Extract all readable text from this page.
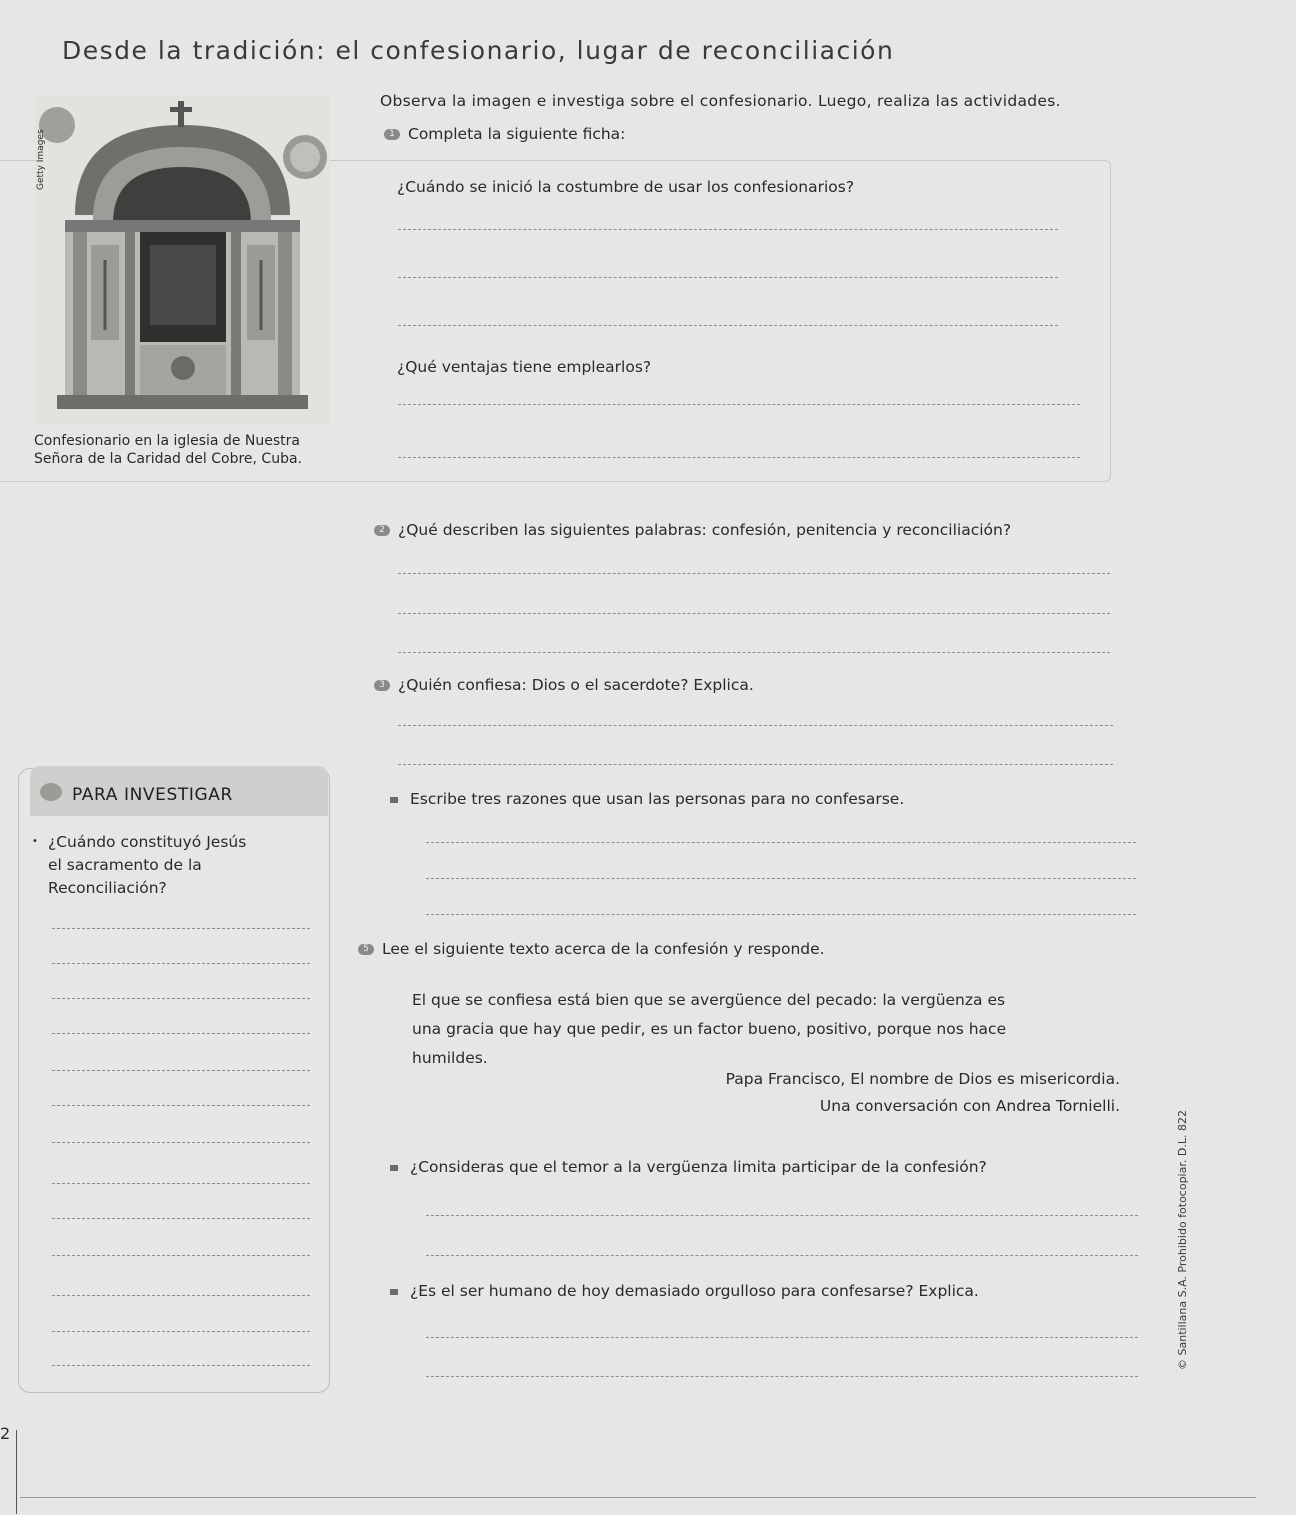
Desde la tradición: el confesionario, lugar de reconciliación
Observa la imagen e investiga sobre el confesionario. Luego, realiza las actividades.
Getty Images
Confesionario en la iglesia de Nuestra
Señora de la Caridad del Cobre, Cuba.
1 Completa la siguiente ficha:
¿Cuándo se inició la costumbre de usar los confesionarios?
¿Qué ventajas tiene emplearlos?
2 ¿Qué describen las siguientes palabras: confesión, penitencia y reconciliación?
3 ¿Quién confiesa: Dios o el sacerdote? Explica.
PARA INVESTIGAR
¿Cuándo constituyó Jesús
el sacramento de la
Reconciliación?
•
Escribe tres razones que usan las personas para no confesarse.
5 Lee el siguiente texto acerca de la confesión y responde.
El que se confiesa está bien que se avergüence del pecado: la vergüenza es
una gracia que hay que pedir, es un factor bueno, positivo, porque nos hace
humildes.
Papa Francisco, El nombre de Dios es misericordia.
Una conversación con Andrea Tornielli.
¿Consideras que el temor a la vergüenza limita participar de la confesión?
¿Es el ser humano de hoy demasiado orgulloso para confesarse? Explica.	© Santillana S.A. Prohibido fotocopiar. D.L. 822
2
